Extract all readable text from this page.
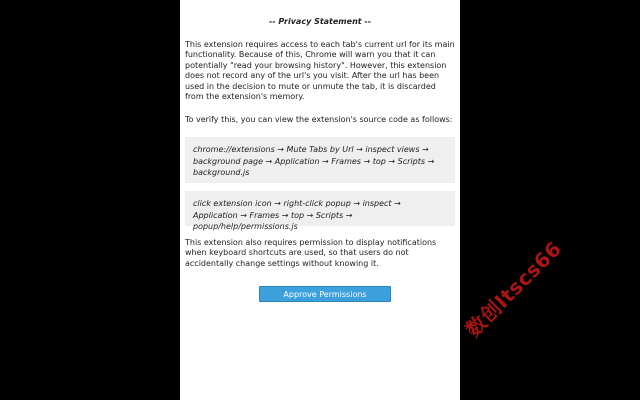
-- Privacy Statement --

This extension requires access to each tab's current url for its main functionality. Because of this, Chrome will warn you that it can potentially "read your browsing history". However, this extension does not record any of the url's you visit. After the url has been used in the decision to mute or unmute the tab, it is discarded from the extension's memory.

To verify this, you can view the extension's source code as follows:

chrome://extensions → Mute Tabs by Url → inspect views → background page → Application → Frames → top → Scripts → background.js
click extension icon → right-click popup → inspect → Application → Frames → top → Scripts → popup/help/permissions.js

This extension also requires permission to display notifications when keyboard shortcuts are used, so that users do not accidentally change settings without knowing it.

Approve Permissions	数创Itscs66
